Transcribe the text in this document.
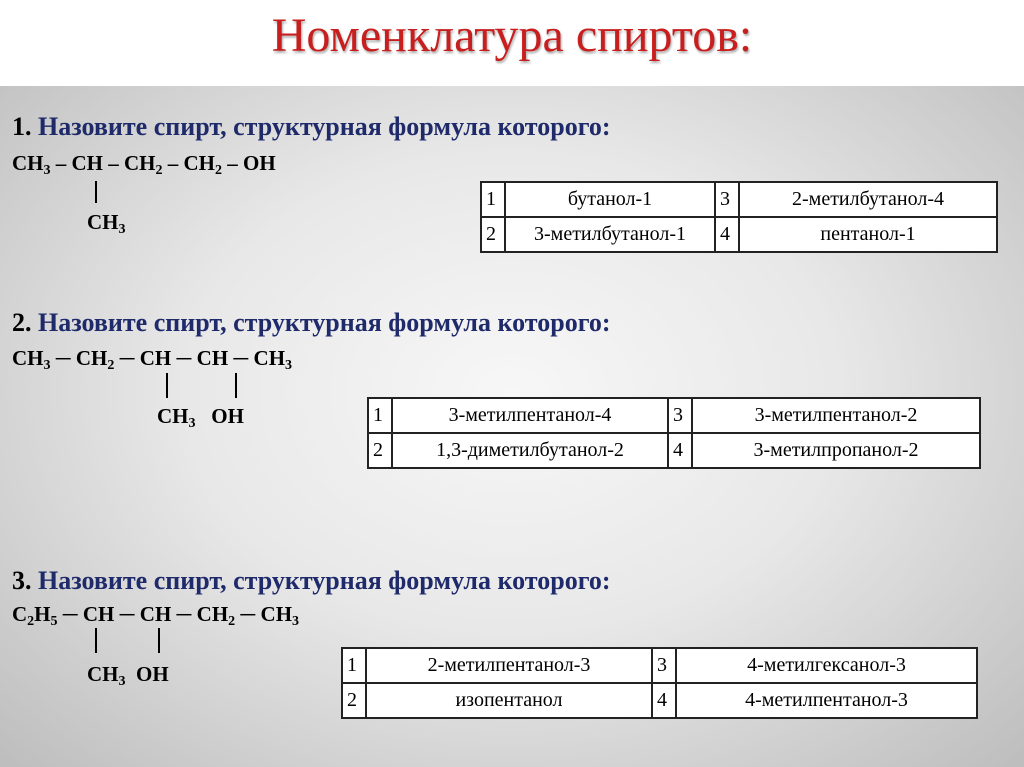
Номенклатура спиртов:
1. Назовите спирт, структурная формула которого:
$CH_3$ – CH – $CH_2 - CH_2$ – OH
$CH_3$
1	бутанол-1	3	2-метилбутанол-4
2	3-метилбутанол-1	4	пентанол-1
2. Назовите спирт, структурная формула которого:
$CH_3$ ─ $CH_2$ ─ CH ─ CH ─ $CH_3$
$CH_3$   OH	1	3-метилпентанол-4	3	3-метилпентанол-2
2	1,3-диметилбутанол-2	4	3-метилпропанол-2
3. Назовите спирт, структурная формула которого:
$C_2H_5$ ─ CH ─ CH ─ $CH_2$ ─ $CH_3$
$CH_3$  OH	1	2-метилпентанол-3	3	4-метилгексанол-3
2	изопентанол	4	4-метилпентанол-3
